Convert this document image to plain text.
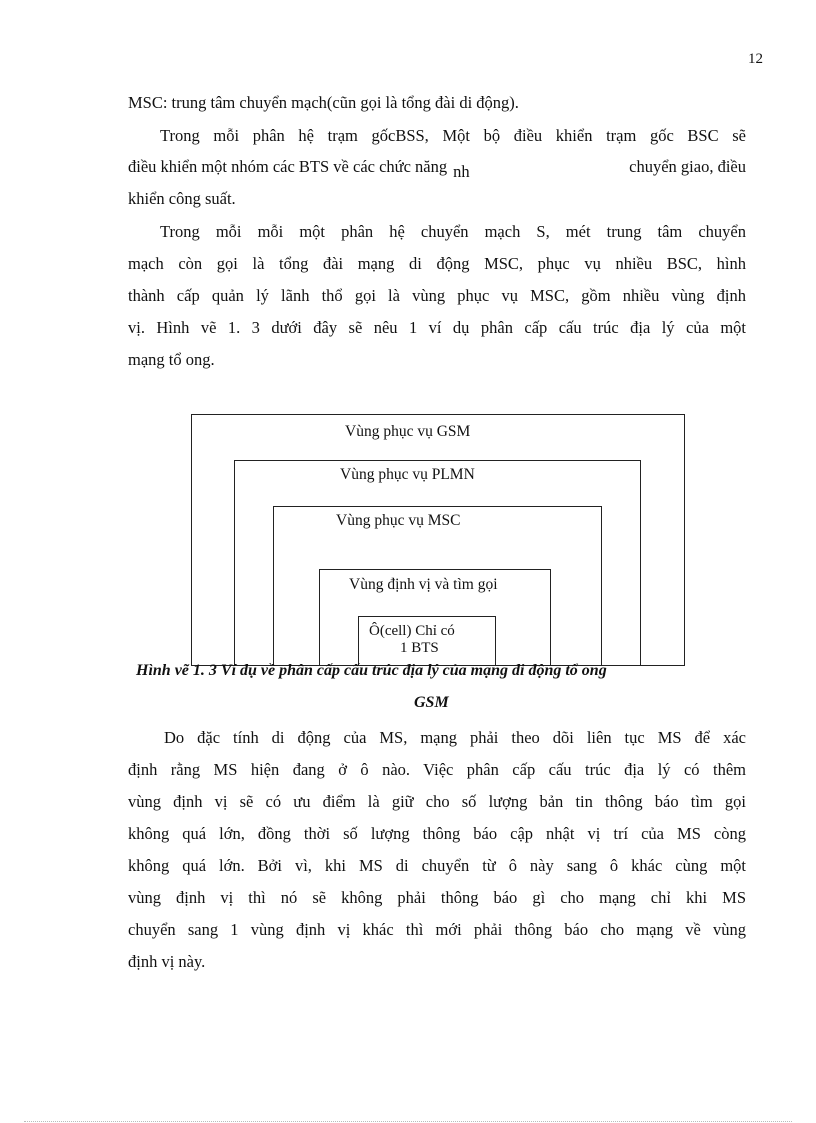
12
MSC: trung tâm chuyển mạch(cũn gọi là tổng đài di động).
Trong mỗi phân hệ trạm gốcBSS, Một bộ điều khiển trạm gốc BSC sẽ
điều khiển một nhóm các BTS về các chức năng nh	chuyển giao, điều
khiển công suất.
Trong mỗi mỗi một phân hệ chuyển mạch S, mét trung tâm chuyển
mạch còn gọi là tổng đài mạng di động MSC, phục vụ nhiều BSC, hình
thành cấp quản lý lãnh thổ gọi là vùng phục vụ MSC, gồm nhiều vùng định
vị. Hình vẽ 1. 3 dưới đây sẽ nêu 1 ví dụ phân cấp cấu trúc địa lý của một
mạng tổ ong.
Vùng phục vụ GSM
Vùng phục vụ PLMN
Vùng phục vụ MSC
Vùng định vị và tìm gọi
Ô(cell) Chỉ có
1 BTS
Hình vẽ 1. 3 Ví dụ về phân cấp cấu trúc địa lý của mạng di động tổ ong
GSM
Do đặc tính di động của MS, mạng phải theo dõi liên tục MS để xác
định rằng MS hiện đang ở ô nào. Việc phân cấp cấu trúc địa lý có thêm
vùng định vị sẽ có ưu điểm là giữ cho số lượng bản tin thông báo tìm gọi
không quá lớn, đồng thời số lượng thông báo cập nhật vị trí của MS còng
không quá lớn. Bởi vì, khi MS di chuyển từ ô này sang ô khác cùng một
vùng định vị thì nó sẽ không phải thông báo gì cho mạng chỉ khi MS
chuyển sang 1 vùng định vị khác thì mới phải thông báo cho mạng về vùng
định vị này.
